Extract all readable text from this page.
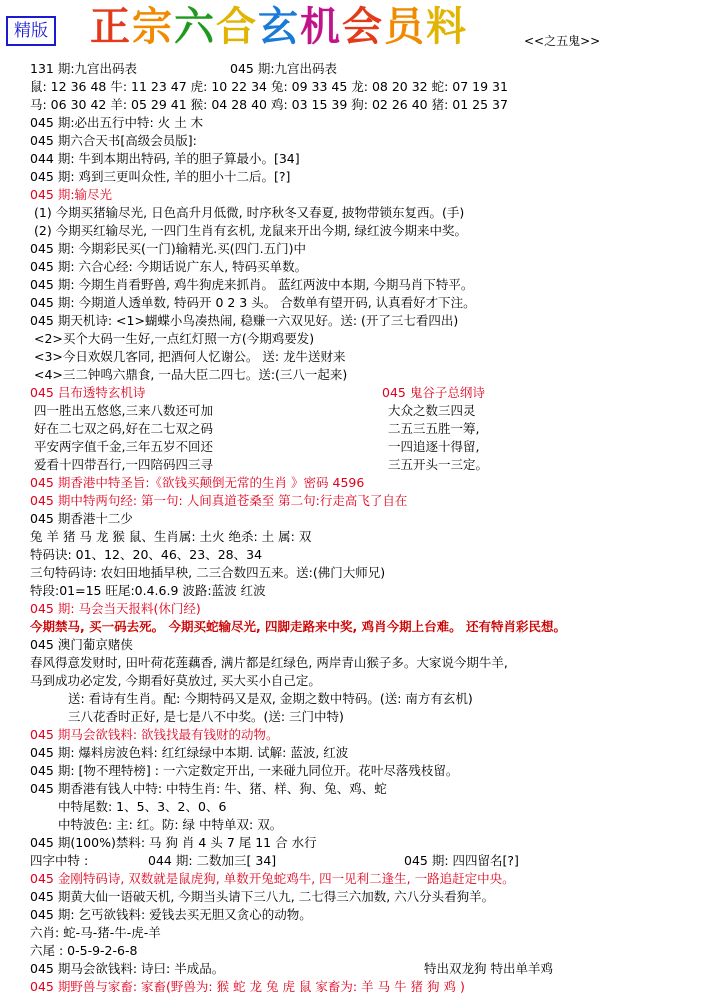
精版 正宗六合玄机会员料	<<之五鬼>>
131 期:九宫出码表	045 期:九宫出码表
鼠: 12 36 48 牛: 11 23 47 虎: 10 22 34 兔: 09 33 45 龙: 08 20 32 蛇: 07 19 31
马: 06 30 42 羊: 05 29 41 猴: 04 28 40 鸡: 03 15 39 狗: 02 26 40 猪: 01 25 37
045 期:必出五行中特: 火 土 木
045 期六合天书[高级会员版]:
044 期: 牛到本期出特码, 羊的胆子算最小。[34]
045 期: 鸡到三更叫众性, 羊的胆小十二后。[?]
045 期:输尽光
(1) 今期买猪输尽光, 日色高升月低微, 时序秋冬又春夏, 披物带锁东复西。(手)
(2) 今期买红输尽光, 一四门生肖有玄机, 龙鼠来开出今期, 绿红波今期来中奖。
045 期: 今期彩民买(一门)输精光.买(四门.五门)中
045 期: 六合心经: 今期话说广东人, 特码买单数。
045 期: 今期生肖看野兽, 鸡牛狗虎来抓肖。 蓝红两波中本期, 今期马肖下特平。
045 期: 今期道人透单数, 特码开 0 2 3 头。 合数单有望开码, 认真看好才下注。
045 期天机诗: <1>蝴蝶小鸟凑热闹, 稳赚一六双见好。送: (开了三七看四出)
<2>买个大码一生好,一点红灯照一方(今期鸡要发)
<3>今日欢娱几客同, 把酒何人忆谢公。 送: 龙牛送财来
<4>三二钟鸣六鼎食, 一品大臣二四七。送:(三八一起来)
045 吕布透特玄机诗	045 鬼谷子总纲诗
四一胜出五悠悠,三来八数还可加	大众之数三四灵
好在二七双之码,好在二七双之码	二五三五胜一筹,
平安两字值千金,三年五岁不回还	一四追逐十得留,
爱看十四带吾行,一四陪码四三寻	三五开头一三定。
045 期香港中特圣旨:《欲钱买颠倒无常的生肖 》密码 4596
045 期中特两句经: 第一句: 人间真道苍桑至 第二句:行走高飞了自在
045 期香港十二少
兔 羊 猪 马 龙 猴 鼠、生肖属: 土火 绝杀: 土 属: 双
特码诀: 01、12、20、46、23、28、34
三句特码诗: 农妇田地插早秧, 二三合数四五来。送:(佛门大师兄)
特段:01=15 旺尾:0.4.6.9 波路:蓝波 红波
045 期: 马会当天报料(休门经)
今期禁马, 买一码去死。 今期买蛇输尽光, 四脚走路来中奖, 鸡肖今期上台难。 还有特肖彩民想。
045 澳门葡京赌侠
春风得意发财时, 田叶荷花莲藕香, 满片都是红绿色, 两岸青山猴子多。大家说今期牛羊,
马到成功必定发, 今期看好莫放过, 买大买小自己定。
送: 看诗有生肖。配: 今期特码又是双, 金期之数中特码。(送: 南方有玄机)
三八花香时正好, 是七是八不中奖。(送: 三门中特)
045 期马会欲钱料: 欲钱找最有钱财的动物。
045 期: 爆料房波色料: 红红绿绿中本期. 试解: 蓝波, 红波
045 期: [物不理特榜] : 一六定数定开出, 一来碰九同位开。花叶尽落残枝留。
045 期香港有钱人中特: 中特生肖: 牛、猪、样、狗、兔、鸡、蛇
中特尾数: 1、5、3、2、0、6
中特波色: 主: 红。防: 绿 中特单双: 双。
045 期(100%)禁料: 马 狗 肖 4 头 7 尾 11 合 水行
四字中特 :	044 期: 二数加三[ 34]	045 期: 四四留名[?]
045 金刚特码诗, 双数就是鼠虎狗, 单数开兔蛇鸡牛, 四一见利二逢生, 一路追赶定中央。
045 期黄大仙一语破天机, 今期当头请下三八九, 二七得三六加数, 六八分头看狗羊。
045 期: 乞丐欲钱料: 爱钱去买无胆又贪心的动物。
六肖: 蛇-马-猪-牛-虎-羊
六尾 : 0-5-9-2-6-8
045 期马会欲钱料: 诗曰: 半成品。	特出双龙狗 特出单羊鸡
045 期野兽与家畜: 家畜(野兽为: 猴 蛇 龙 兔 虎 鼠 家畜为: 羊 马 牛 猪 狗 鸡 )
